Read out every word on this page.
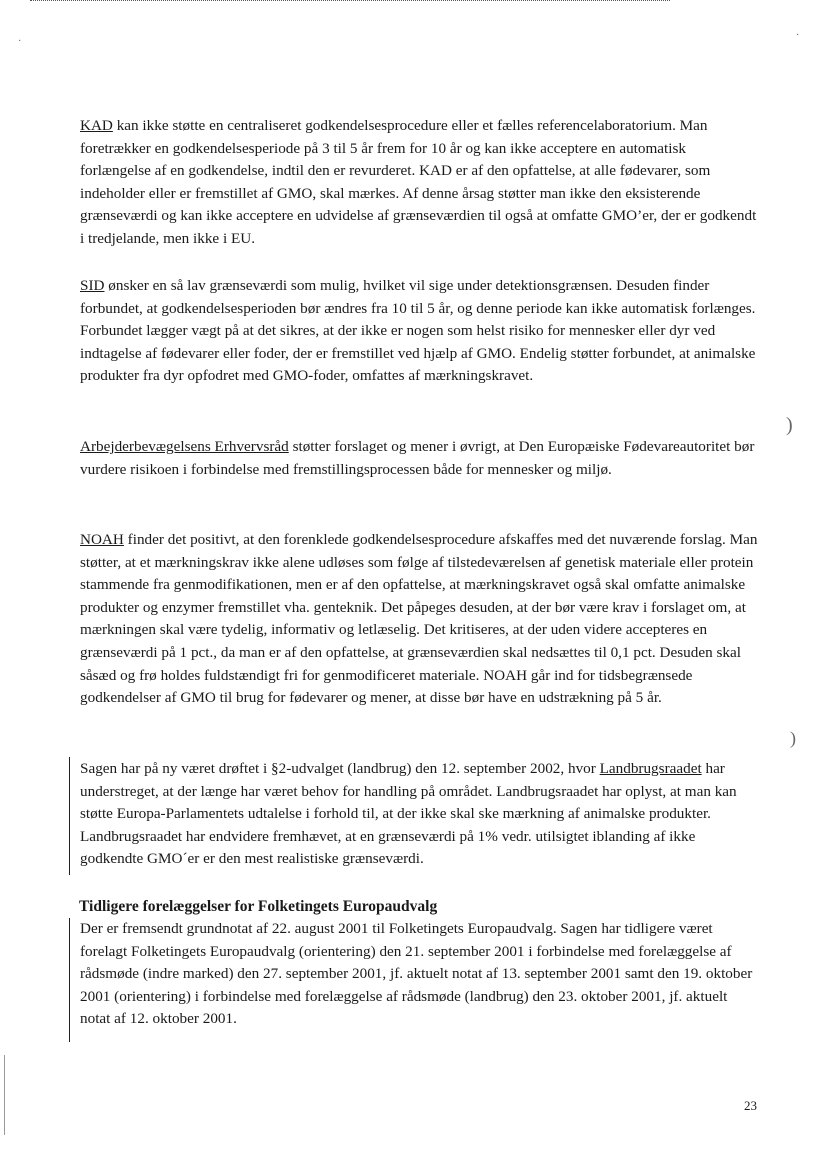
KAD kan ikke støtte en centraliseret godkendelsesprocedure eller et fælles referencelaboratorium. Man foretrækker en godkendelsesperiode på 3 til 5 år frem for 10 år og kan ikke acceptere en automatisk forlængelse af en godkendelse, indtil den er revurderet. KAD er af den opfattelse, at alle fødevarer, som indeholder eller er fremstillet af GMO, skal mærkes. Af denne årsag støtter man ikke den eksisterende grænseværdi og kan ikke acceptere en udvidelse af grænseværdien til også at omfatte GMO’er, der er godkendt i tredjelande, men ikke i EU.

SID ønsker en så lav grænseværdi som mulig, hvilket vil sige under detektionsgrænsen. Desuden finder forbundet, at godkendelsesperioden bør ændres fra 10 til 5 år, og denne periode kan ikke automatisk forlænges. Forbundet lægger vægt på at det sikres, at der ikke er nogen som helst risiko for mennesker eller dyr ved indtagelse af fødevarer eller foder, der er fremstillet ved hjælp af GMO. Endelig støtter forbundet, at animalske produkter fra dyr opfodret med GMO-foder, omfattes af mærkningskravet.

Arbejderbevægelsens Erhvervsråd støtter forslaget og mener i øvrigt, at Den Europæiske Fødevareautoritet bør vurdere risikoen i forbindelse med fremstillingsprocessen både for mennesker og miljø.

NOAH finder det positivt, at den forenklede godkendelsesprocedure afskaffes med det nuværende forslag. Man støtter, at et mærkningskrav ikke alene udløses som følge af tilstedeværelsen af genetisk materiale eller protein stammende fra genmodifikationen, men er af den opfattelse, at mærkningskravet også skal omfatte animalske produkter og enzymer fremstillet vha. genteknik. Det påpeges desuden, at der bør være krav i forslaget om, at mærkningen skal være tydelig, informativ og letlæselig. Det kritiseres, at der uden videre accepteres en grænseværdi på 1 pct., da man er af den opfattelse, at grænseværdien skal nedsættes til 0,1 pct. Desuden skal såsæd og frø holdes fuldstændigt fri for genmodificeret materiale. NOAH går ind for tidsbegrænsede godkendelser af GMO til brug for fødevarer og mener, at disse bør have en udstrækning på 5 år.

Sagen har på ny været drøftet i §2-udvalget (landbrug) den 12. september 2002, hvor Landbrugsraadet har understreget, at der længe har været behov for handling på området. Landbrugsraadet har oplyst, at man kan støtte Europa-Parlamentets udtalelse i forhold til, at der ikke skal ske mærkning af animalske produkter. Landbrugsraadet har endvidere fremhævet, at en grænseværdi på 1% vedr. utilsigtet iblanding af ikke godkendte GMO´er er den mest realistiske grænseværdi.

Tidligere forelæggelser for Folketingets Europaudvalg

Der er fremsendt grundnotat af 22. august 2001 til Folketingets Europaudvalg. Sagen har tidligere været forelagt Folketingets Europaudvalg (orientering) den 21. september 2001 i forbindelse med forelæggelse af rådsmøde (indre marked) den 27. september 2001, jf. aktuelt notat af 13. september 2001 samt den 19. oktober 2001 (orientering) i forbindelse med forelæggelse af rådsmøde (landbrug) den 23. oktober 2001, jf. aktuelt notat af 12. oktober 2001.

23
)
)
·
·
